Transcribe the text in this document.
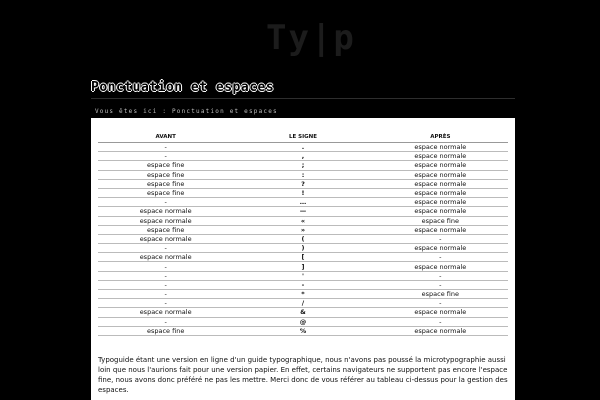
Ty|p
Ponctuation et espaces
Vous êtes ici : Ponctuation et espaces
AVANT	LE SIGNE	APRÈS
-	.	espace normale
-	,	espace normale
espace fine	;	espace normale
espace fine	:	espace normale
espace fine	?	espace normale
espace fine	!	espace normale
-	…	espace normale
espace normale	—	espace normale
espace normale	«	espace fine
espace fine	»	espace normale
espace normale	(	-
-	)	espace normale
espace normale	[	-
-	]	espace normale
-	'	-
-	-	-
-	*	espace fine
-	/	-
espace normale	&	espace normale
-	@	-
espace fine	%	espace normale

Typoguide étant une version en ligne d'un guide typographique, nous n'avons pas poussé la microtypographie aussi loin que nous l'aurions fait pour une version papier. En effet, certains navigateurs ne supportent pas encore l'espace fine, nous avons donc préféré ne pas les mettre. Merci donc de vous référer au tableau ci-dessus pour la gestion des espaces.
